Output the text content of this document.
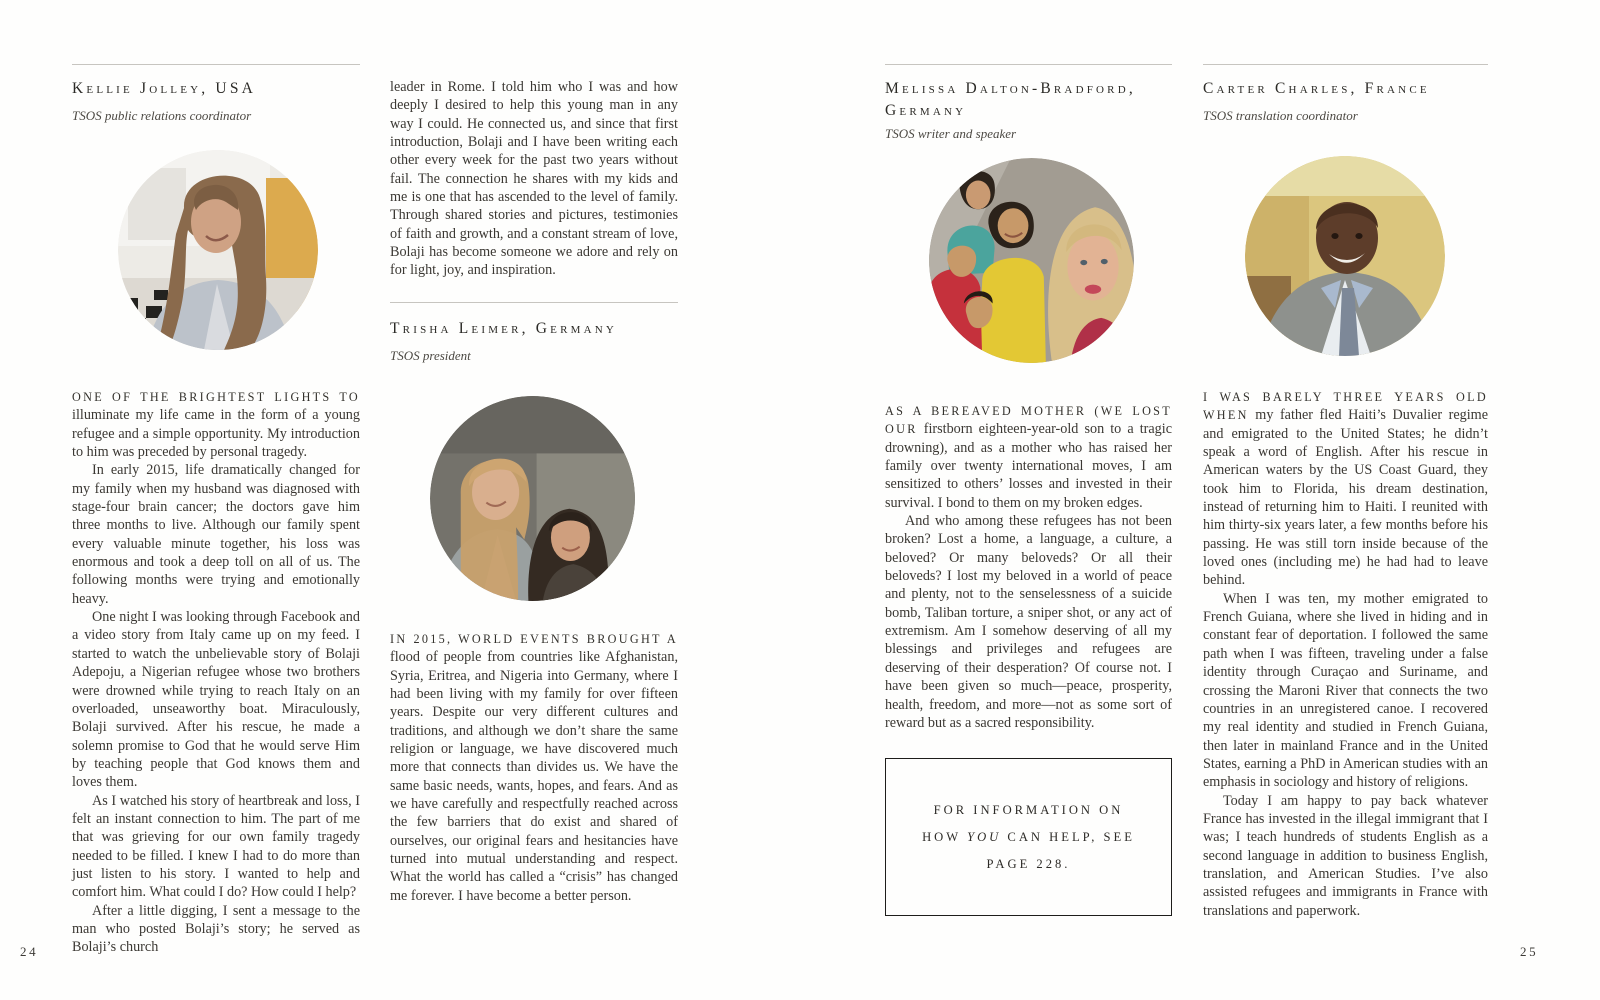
Kellie Jolley, USA
TSOS public relations coordinator

ONE OF THE BRIGHTEST LIGHTS TO illuminate my life came in the form of a young refugee and a simple opportunity. My introduction to him was preceded by personal tragedy.

In early 2015, life dramatically changed for my family when my husband was diagnosed with stage-four brain cancer; the doctors gave him three months to live. Although our family spent every valuable minute together, his loss was enormous and took a deep toll on all of us. The following months were trying and emotionally heavy.

One night I was looking through Facebook and a video story from Italy came up on my feed. I started to watch the unbelievable story of Bolaji Adepoju, a Nigerian refugee whose two brothers were drowned while trying to reach Italy on an overloaded, unseaworthy boat. Miraculously, Bolaji survived. After his rescue, he made a solemn promise to God that he would serve Him by teaching people that God knows them and loves them.

As I watched his story of heartbreak and loss, I felt an instant connection to him. The part of me that was grieving for our own family tragedy needed to be filled. I knew I had to do more than just listen to his story. I wanted to help and comfort him. What could I do? How could I help?

After a little digging, I sent a message to the man who posted Bolaji’s story; he served as Bolaji’s church

leader in Rome. I told him who I was and how deeply I desired to help this young man in any way I could. He connected us, and since that first introduction, Bolaji and I have been writing each other every week for the past two years without fail. The connection he shares with my kids and me is one that has ascended to the level of family. Through shared stories and pictures, testimonies of faith and growth, and a constant stream of love, Bolaji has become someone we adore and rely on for light, joy, and inspiration.

Trisha Leimer, Germany
TSOS president

IN 2015, WORLD EVENTS BROUGHT A flood of people from countries like Afghanistan, Syria, Eritrea, and Nigeria into Germany, where I had been living with my family for over fifteen years. Despite our very different cultures and traditions, and although we don’t share the same religion or language, we have discovered much more that connects than divides us. We have the same basic needs, wants, hopes, and fears. And as we have carefully and respectfully reached across the few barriers that do exist and shared of ourselves, our original fears and hesitancies have turned into mutual understanding and respect. What the world has called a “crisis” has changed me forever. I have become a better person.

Melissa Dalton-Bradford,
Germany
TSOS writer and speaker

AS A BEREAVED MOTHER (WE LOST OUR firstborn eighteen-year-old son to a tragic drowning), and as a mother who has raised her family over twenty international moves, I am sensitized to others’ losses and invested in their survival. I bond to them on my broken edges.

And who among these refugees has not been broken? Lost a home, a language, a culture, a beloved? Or many beloveds? Or all their beloveds? I lost my beloved in a world of peace and plenty, not to the senselessness of a suicide bomb, Taliban torture, a sniper shot, or any act of extremism. Am I somehow deserving of all my blessings and privileges and refugees are deserving of their desperation? Of course not. I have been given so much—peace, prosperity, health, freedom, and more—not as some sort of reward but as a sacred responsibility.

FOR INFORMATION ON
HOW YOU CAN HELP, SEE
PAGE 228.
Carter Charles, France
TSOS translation coordinator

I WAS BARELY THREE YEARS OLD WHEN my father fled Haiti’s Duvalier regime and emigrated to the United States; he didn’t speak a word of English. After his rescue in American waters by the US Coast Guard, they took him to Florida, his dream destination, instead of returning him to Haiti. I reunited with him thirty-six years later, a few months before his passing. He was still torn inside because of the loved ones (including me) he had had to leave behind.

When I was ten, my mother emigrated to French Guiana, where she lived in hiding and in constant fear of deportation. I followed the same path when I was fifteen, traveling under a false identity through Curaçao and Suriname, and crossing the Maroni River that connects the two countries in an unregistered canoe. I recovered my real identity and studied in French Guiana, then later in mainland France and in the United States, earning a PhD in American studies with an emphasis in sociology and history of religions.

Today I am happy to pay back whatever France has invested in the illegal immigrant that I was; I teach hundreds of students English as a second language in addition to business English, translation, and American Studies. I’ve also assisted refugees and immigrants in France with translations and paperwork.

24	25
